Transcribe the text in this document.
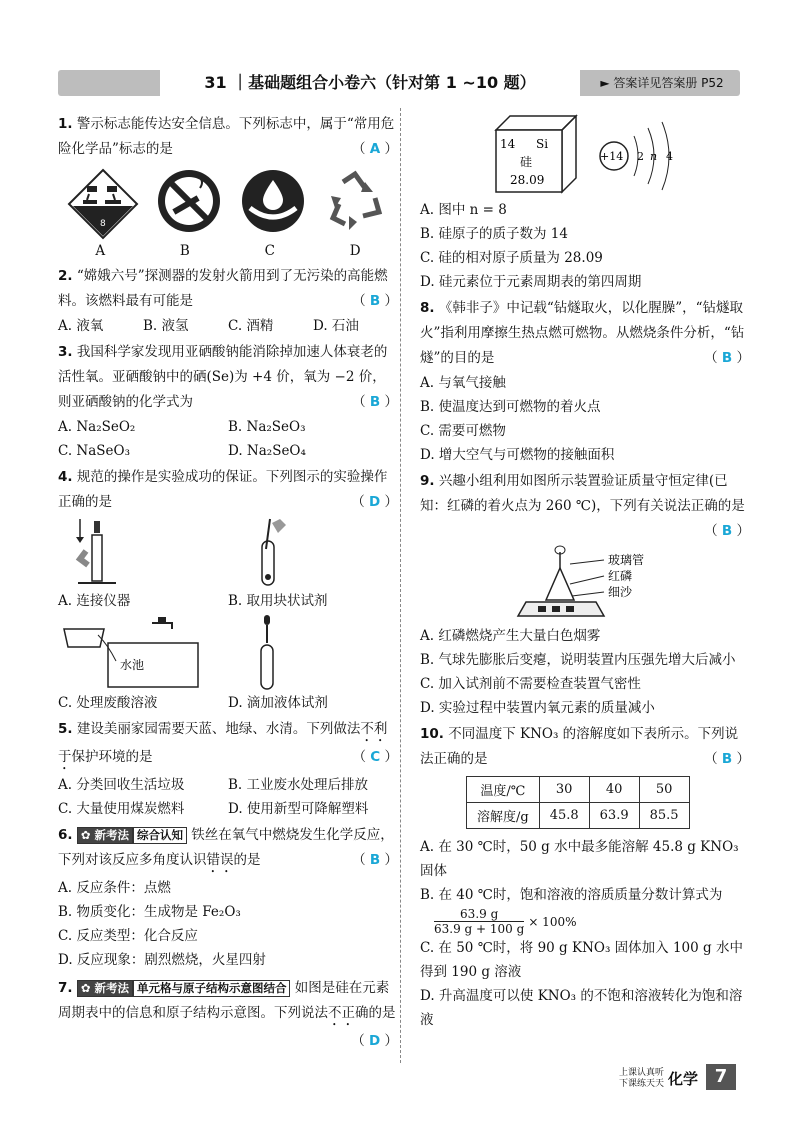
31 ｜基础题组合小卷六（针对第 1 ~10 题）	► 答案详见答案册 P52

1. 警示标志能传达安全信息。下列标志中，属于“常用危险化学品”标志的是	（ A ）

8
A	B	C	D

2. “嫦娥六号”探测器的发射火箭用到了无污染的高能燃料。该燃料最有可能是	（ B ）

A. 液氧	B. 液氢	C. 酒精	D. 石油

3. 我国科学家发现用亚硒酸钠能消除掉加速人体衰老的活性氧。亚硒酸钠中的硒(Se)为 +4 价，氧为 −2 价，则亚硒酸钠的化学式为	（ B ）

A. Na₂SeO₂	B. Na₂SeO₃
C. NaSeO₃	D. Na₂SeO₄

4. 规范的操作是实验成功的保证。下列图示的实验操作正确的是	（ D ）

A. 连接仪器	B. 取用块状试剂
水池
C. 处理废酸溶液	D. 滴加液体试剂

5. 建设美丽家园需要天蓝、地绿、水清。下列做法不利于保护环境的是	（ C ）

A. 分类回收生活垃圾	B. 工业废水处理后排放
C. 大量使用煤炭燃料	D. 使用新型可降解塑料

6. ✿ 新考法 综合认知 铁丝在氧气中燃烧发生化学反应，下列对该反应多角度认识错误的是	（ B ）

A. 反应条件：点燃
B. 物质变化：生成物是 Fe₂O₃
C. 反应类型：化合反应
D. 反应现象：剧烈燃烧，火星四射

7. ✿ 新考法 单元格与原子结构示意图结合 如图是硅在元素周期表中的信息和原子结构示意图。下列说法不正确的是
（ D ）

14 Si
硅
28.09
+14 2 n 4
A. 图中 n = 8
B. 硅原子的质子数为 14
C. 硅的相对原子质量为 28.09
D. 硅元素位于元素周期表的第四周期

8. 《韩非子》中记载“钻燧取火，以化腥臊”，“钻燧取火”指利用摩擦生热点燃可燃物。从燃烧条件分析，“钻燧”的目的是	（ B ）

A. 与氧气接触
B. 使温度达到可燃物的着火点
C. 需要可燃物
D. 增大空气与可燃物的接触面积

9. 兴趣小组利用如图所示装置验证质量守恒定律(已知：红磷的着火点为 260 ℃)，下列有关说法正确的是
（ B ）

玻璃管
红磷
细沙
A. 红磷燃烧产生大量白色烟雾
B. 气球先膨胀后变瘪，说明装置内压强先增大后减小
C. 加入试剂前不需要检查装置气密性
D. 实验过程中装置内氧元素的质量减小

10. 不同温度下 KNO₃ 的溶解度如下表所示。下列说法正确的是	（ B ）

温度/℃	30	40	50
溶解度/g	45.8	63.9	85.5
A. 在 30 ℃时，50 g 水中最多能溶解 45.8 g KNO₃ 固体
B. 在 40 ℃时，饱和溶液的溶质质量分数计算式为
$\frac{63.9 g}{63.9 g + 100 g} \times 100\%$
C. 在 50 ℃时，将 90 g KNO₃ 固体加入 100 g 水中得到 190 g 溶液
D. 升高温度可以使 KNO₃ 的不饱和溶液转化为饱和溶液
上课认真听
下课练天天 化学 7
